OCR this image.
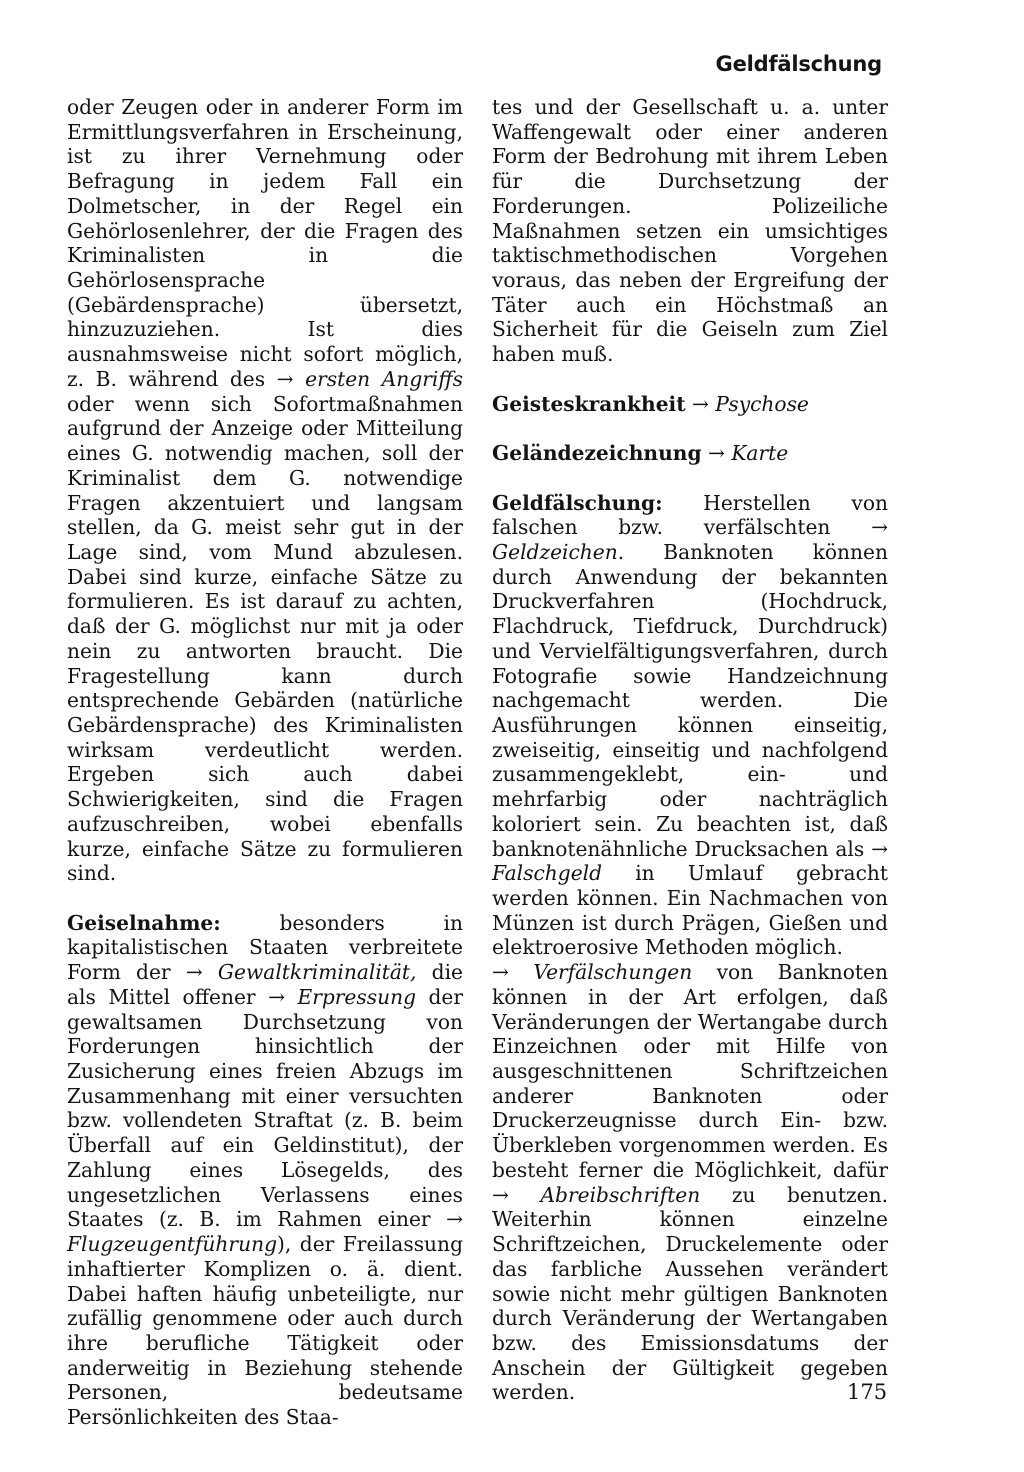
Geldfälschung

oder Zeugen oder in anderer Form im Ermittlungsverfahren in Erscheinung, ist zu ihrer Vernehmung oder Befragung in jedem Fall ein Dolmetscher, in der Regel ein Gehörlosenlehrer, der die Fragen des Kriminalisten in die Gehörlosensprache (Gebärdensprache) übersetzt, hinzuzuziehen. Ist dies ausnahmsweise nicht sofort möglich, z. B. während des → ersten Angriffs oder wenn sich Sofortmaßnahmen aufgrund der Anzeige oder Mitteilung eines G. notwendig machen, soll der Kriminalist dem G. notwendige Fragen akzentuiert und langsam stellen, da G. meist sehr gut in der Lage sind, vom Mund abzulesen. Dabei sind kurze, einfache Sätze zu formulieren. Es ist darauf zu achten, daß der G. möglichst nur mit ja oder nein zu antworten braucht. Die Fragestellung kann durch entsprechende Gebärden (natürliche Gebärdensprache) des Kriminalisten wirksam verdeutlicht werden. Ergeben sich auch dabei Schwierigkeiten, sind die Fragen aufzuschreiben, wobei ebenfalls kurze, einfache Sätze zu formulieren sind.

Geiselnahme: besonders in kapitalistischen Staaten verbreitete Form der → Gewaltkriminalität, die als Mittel offener → Erpressung der gewaltsamen Durchsetzung von Forderungen hinsichtlich der Zusicherung eines freien Abzugs im Zusammenhang mit einer versuchten bzw. vollendeten Straftat (z. B. beim Überfall auf ein Geldinstitut), der Zahlung eines Lösegelds, des ungesetzlichen Verlassens eines Staates (z. B. im Rahmen einer → Flugzeugentführung), der Freilassung inhaftierter Komplizen o. ä. dient. Dabei haften häufig unbeteiligte, nur zufällig genommene oder auch durch ihre berufliche Tätigkeit oder anderweitig in Beziehung stehende Personen, bedeutsame Persönlichkeiten des Staa-

tes und der Gesellschaft u. a. unter Waffengewalt oder einer anderen Form der Bedrohung mit ihrem Leben für die Durchsetzung der Forderungen. Polizeiliche Maßnahmen setzen ein umsichtiges taktischmethodischen Vorgehen voraus, das neben der Ergreifung der Täter auch ein Höchstmaß an Sicherheit für die Geiseln zum Ziel haben muß.

Geisteskrankheit → Psychose

Geländezeichnung → Karte

Geldfälschung: Herstellen von falschen bzw. verfälschten → Geldzeichen. Banknoten können durch Anwendung der bekannten Druckverfahren (Hochdruck, Flachdruck, Tiefdruck, Durchdruck) und Vervielfältigungsverfahren, durch Fotografie sowie Handzeichnung nachgemacht werden. Die Ausführungen können einseitig, zweiseitig, einseitig und nachfolgend zusammengeklebt, ein- und mehrfarbig oder nachträglich koloriert sein. Zu beachten ist, daß banknotenähnliche Drucksachen als → Falschgeld in Umlauf gebracht werden können. Ein Nachmachen von Münzen ist durch Prägen, Gießen und elektroerosive Methoden möglich.
→ Verfälschungen von Banknoten können in der Art erfolgen, daß Veränderungen der Wertangabe durch Einzeichnen oder mit Hilfe von ausgeschnittenen Schriftzeichen anderer Banknoten oder Druckerzeugnisse durch Ein- bzw. Überkleben vorgenommen werden. Es besteht ferner die Möglichkeit, dafür → Abreibschriften zu benutzen. Weiterhin können einzelne Schriftzeichen, Druckelemente oder das farbliche Aussehen verändert sowie nicht mehr gültigen Banknoten durch Veränderung der Wertangaben bzw. des Emissionsdatums der Anschein der Gültigkeit gegeben werden.	175
